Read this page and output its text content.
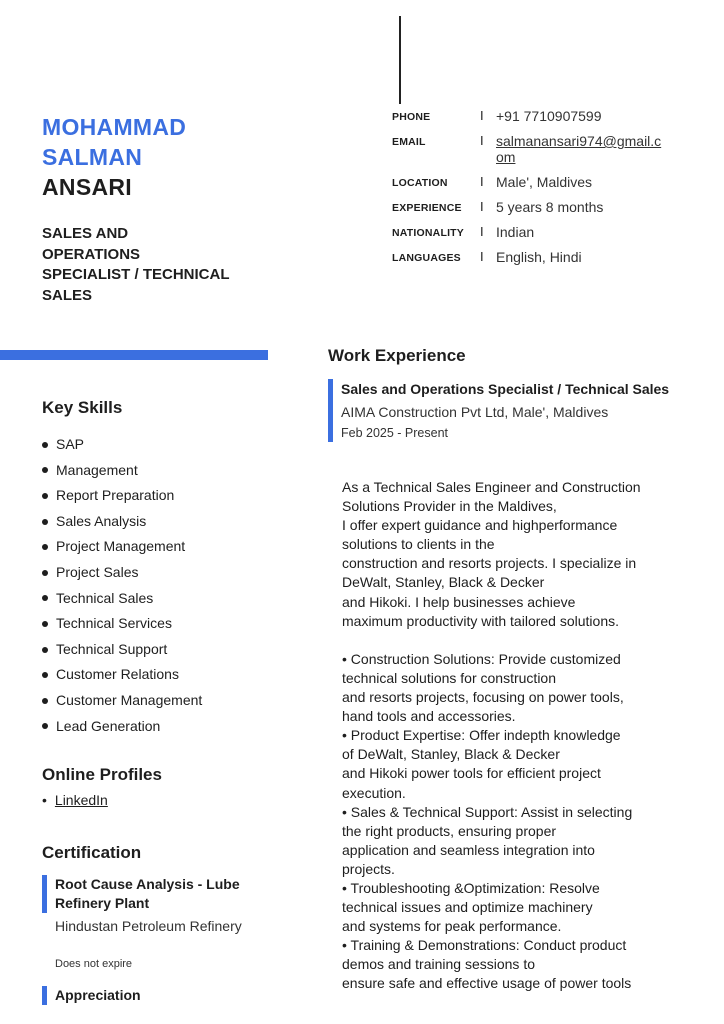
MOHAMMAD
SALMAN
ANSARI
SALES AND
OPERATIONS
SPECIALIST / TECHNICAL
SALES
PHONE	I +91 7710907599
EMAIL	I salmanansari974@gmail.com
LOCATION	I Male', Maldives
EXPERIENCE	I 5 years 8 months
NATIONALITY	I Indian
LANGUAGES	I English, Hindi
Key Skills
SAP
Management
Report Preparation
Sales Analysis
Project Management
Project Sales
Technical Sales
Technical Services
Technical Support
Customer Relations
Customer Management
Lead Generation
Online Profiles
• LinkedIn
Certification
Root Cause Analysis - Lube Refinery Plant
Hindustan Petroleum Refinery
Does not expire
Appreciation
Work Experience
Sales and Operations Specialist / Technical Sales
AIMA Construction Pvt Ltd, Male', Maldives
Feb 2025 - Present
As a Technical Sales Engineer and Construction
Solutions Provider in the Maldives,
I offer expert guidance and highperformance
solutions to clients in the
construction and resorts projects. I specialize in
DeWalt, Stanley, Black & Decker
and Hikoki. I help businesses achieve
maximum productivity with tailored solutions.
• Construction Solutions: Provide customized
technical solutions for construction
and resorts projects, focusing on power tools,
hand tools and accessories.
• Product Expertise: Offer indepth knowledge
of DeWalt, Stanley, Black & Decker
and Hikoki power tools for efficient project
execution.
• Sales & Technical Support: Assist in selecting
the right products, ensuring proper
application and seamless integration into
projects.
• Troubleshooting &Optimization: Resolve
technical issues and optimize machinery
and systems for peak performance.
• Training & Demonstrations: Conduct product
demos and training sessions to
ensure safe and effective usage of power tools
